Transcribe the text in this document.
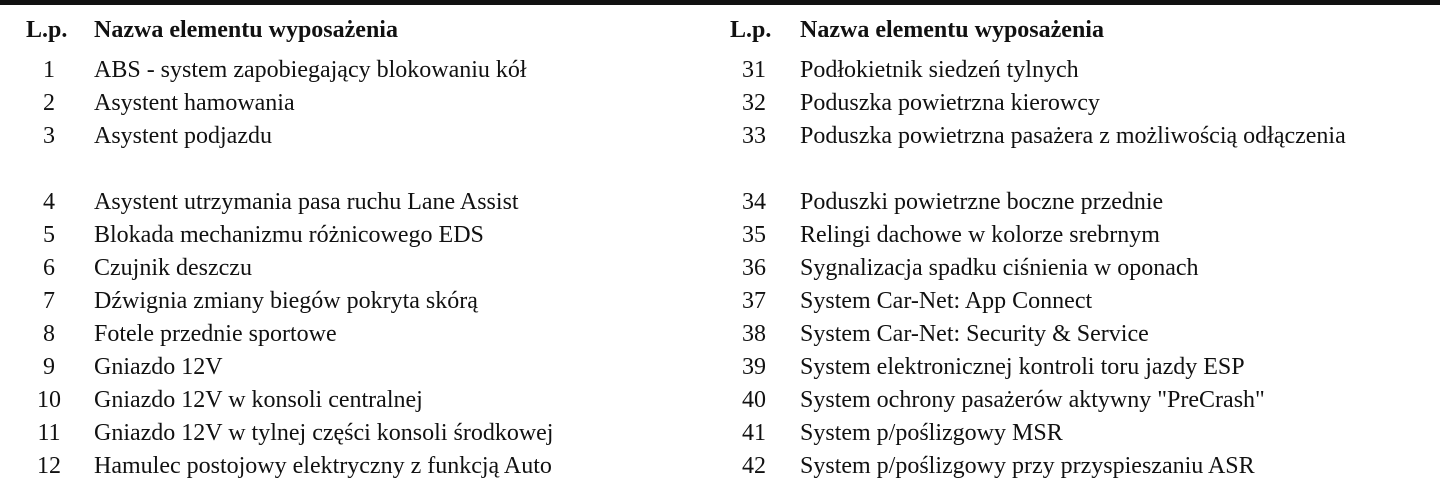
L.p.	Nazwa elementu wyposażenia
1	ABS - system zapobiegający blokowaniu kół
2	Asystent hamowania
3	Asystent podjazdu
4	Asystent utrzymania pasa ruchu Lane Assist
5	Blokada mechanizmu różnicowego EDS
6	Czujnik deszczu
7	Dźwignia zmiany biegów pokryta skórą
8	Fotele przednie sportowe
9	Gniazdo 12V
10	Gniazdo 12V w konsoli centralnej
11	Gniazdo 12V w tylnej części konsoli środkowej
12	Hamulec postojowy elektryczny z funkcją Auto
L.p.	Nazwa elementu wyposażenia
31	Podłokietnik siedzeń tylnych
32	Poduszka powietrzna kierowcy
33	Poduszka powietrzna pasażera z możliwością odłączenia
34	Poduszki powietrzne boczne przednie
35	Relingi dachowe w kolorze srebrnym
36	Sygnalizacja spadku ciśnienia w oponach
37	System Car-Net: App Connect
38	System Car-Net: Security & Service
39	System elektronicznej kontroli toru jazdy ESP
40	System ochrony pasażerów aktywny "PreCrash"
41	System p/poślizgowy MSR
42	System p/poślizgowy przy przyspieszaniu ASR
